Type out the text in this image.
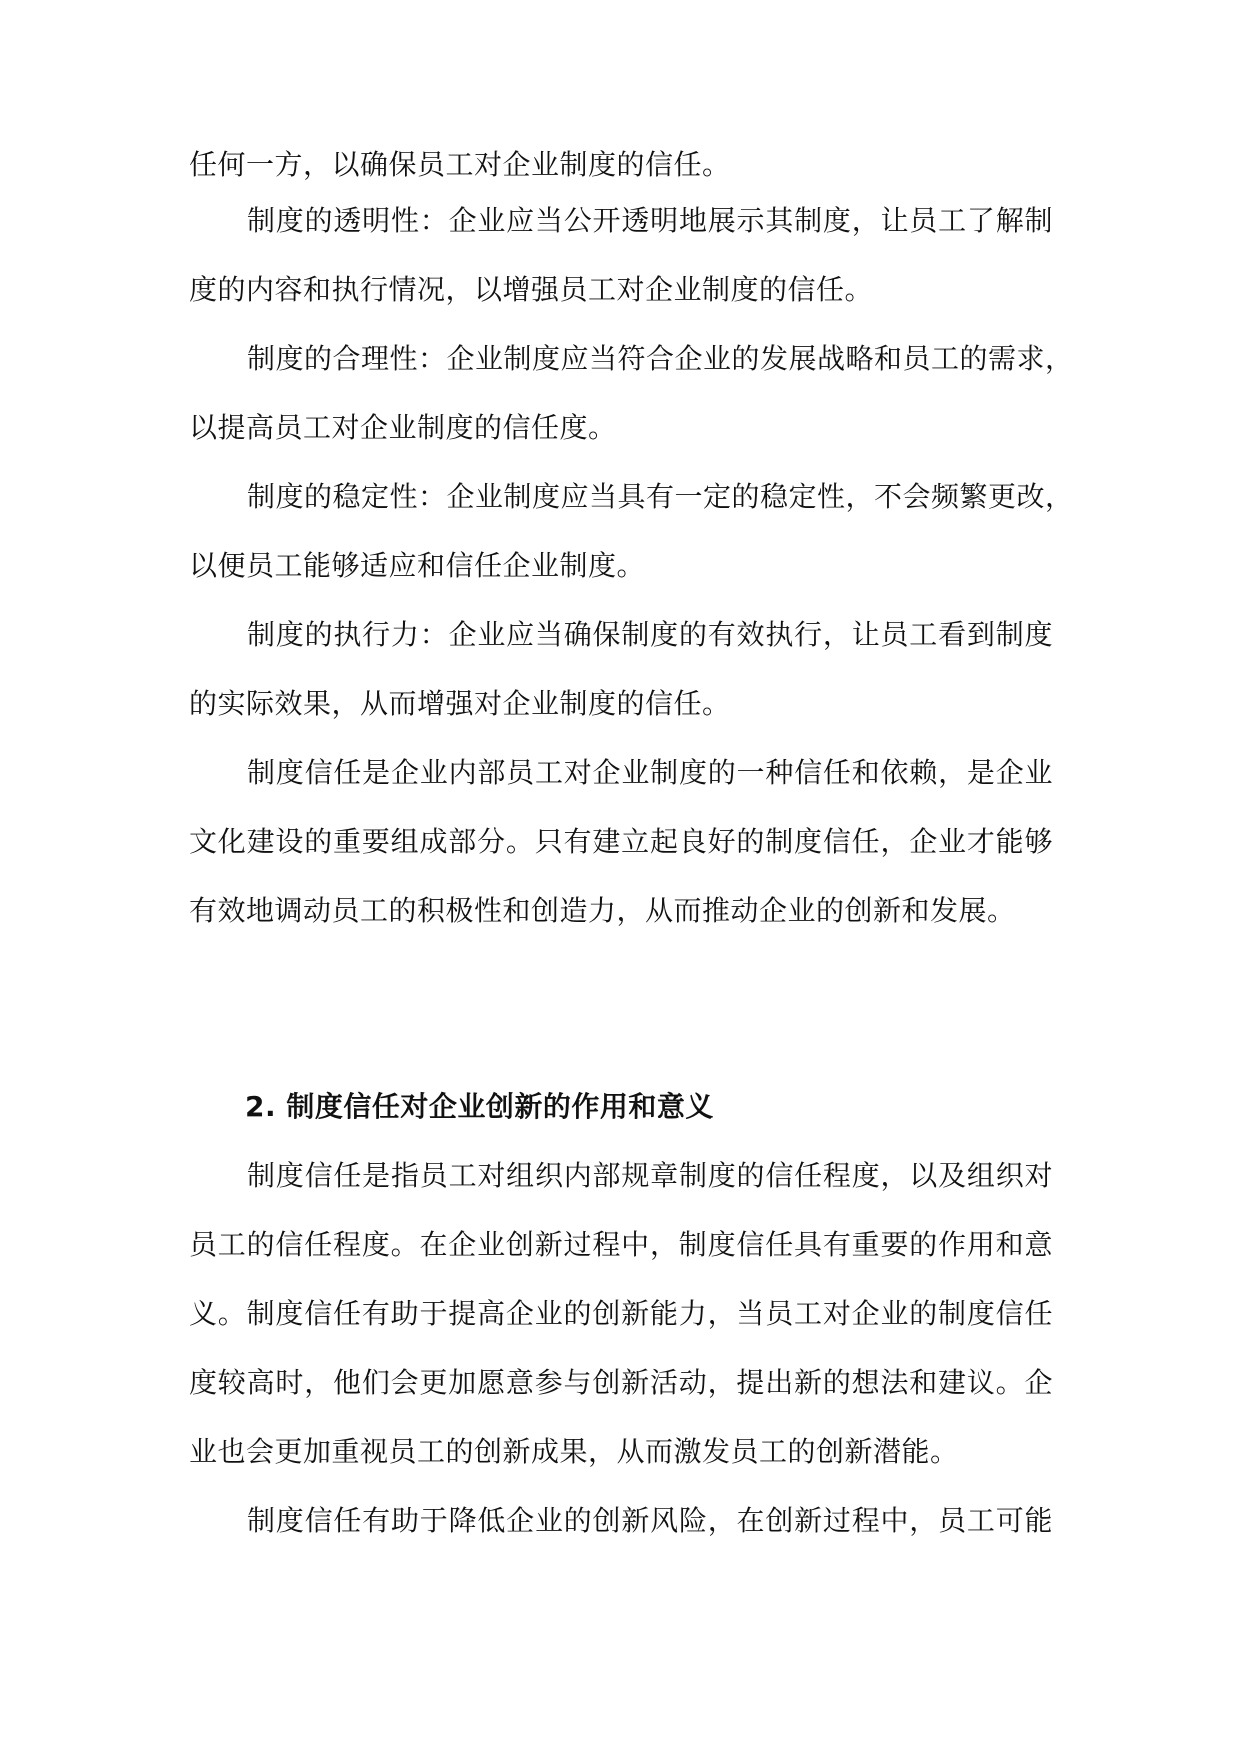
任何一方，以确保员工对企业制度的信任。
制度的透明性：企业应当公开透明地展示其制度，让员工了解制
度的内容和执行情况，以增强员工对企业制度的信任。
制度的合理性：企业制度应当符合企业的发展战略和员工的需求，
以提高员工对企业制度的信任度。
制度的稳定性：企业制度应当具有一定的稳定性，不会频繁更改，
以便员工能够适应和信任企业制度。
制度的执行力：企业应当确保制度的有效执行，让员工看到制度
的实际效果，从而增强对企业制度的信任。
制度信任是企业内部员工对企业制度的一种信任和依赖，是企业
文化建设的重要组成部分。只有建立起良好的制度信任，企业才能够
有效地调动员工的积极性和创造力，从而推动企业的创新和发展。
2. 制度信任对企业创新的作用和意义
制度信任是指员工对组织内部规章制度的信任程度，以及组织对
员工的信任程度。在企业创新过程中，制度信任具有重要的作用和意
义。制度信任有助于提高企业的创新能力，当员工对企业的制度信任
度较高时，他们会更加愿意参与创新活动，提出新的想法和建议。企
业也会更加重视员工的创新成果，从而激发员工的创新潜能。
制度信任有助于降低企业的创新风险，在创新过程中，员工可能
